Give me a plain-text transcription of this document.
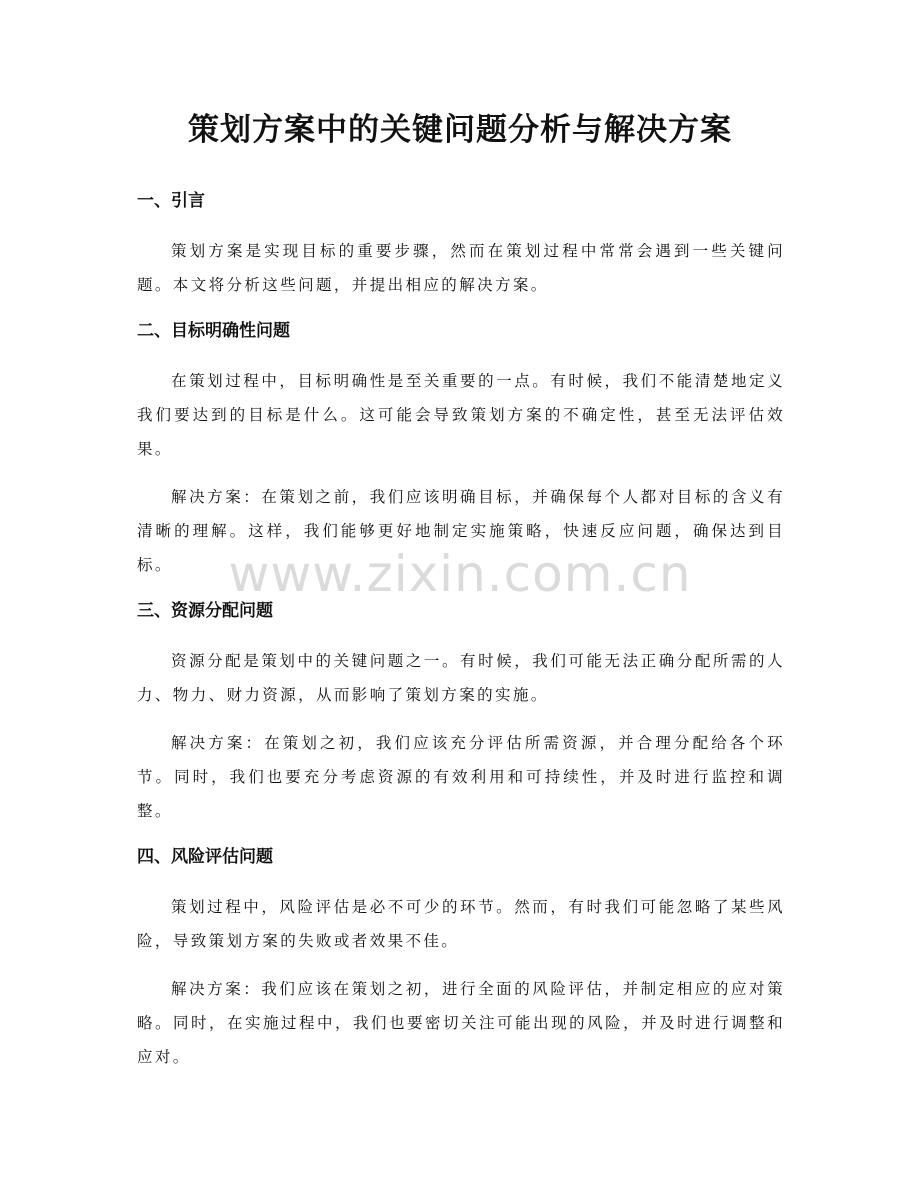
策划方案中的关键问题分析与解决方案
一、引言

策划方案是实现目标的重要步骤，然而在策划过程中常常会遇到一些关键问题。本文将分析这些问题，并提出相应的解决方案。

二、目标明确性问题

在策划过程中，目标明确性是至关重要的一点。有时候，我们不能清楚地定义我们要达到的目标是什么。这可能会导致策划方案的不确定性，甚至无法评估效果。

解决方案：在策划之前，我们应该明确目标，并确保每个人都对目标的含义有清晰的理解。这样，我们能够更好地制定实施策略，快速反应问题，确保达到目标。

三、资源分配问题

资源分配是策划中的关键问题之一。有时候，我们可能无法正确分配所需的人力、物力、财力资源，从而影响了策划方案的实施。

解决方案：在策划之初，我们应该充分评估所需资源，并合理分配给各个环节。同时，我们也要充分考虑资源的有效利用和可持续性，并及时进行监控和调整。

四、风险评估问题

策划过程中，风险评估是必不可少的环节。然而，有时我们可能忽略了某些风险，导致策划方案的失败或者效果不佳。

解决方案：我们应该在策划之初，进行全面的风险评估，并制定相应的应对策略。同时，在实施过程中，我们也要密切关注可能出现的风险，并及时进行调整和应对。

www.zixin.com.cn
